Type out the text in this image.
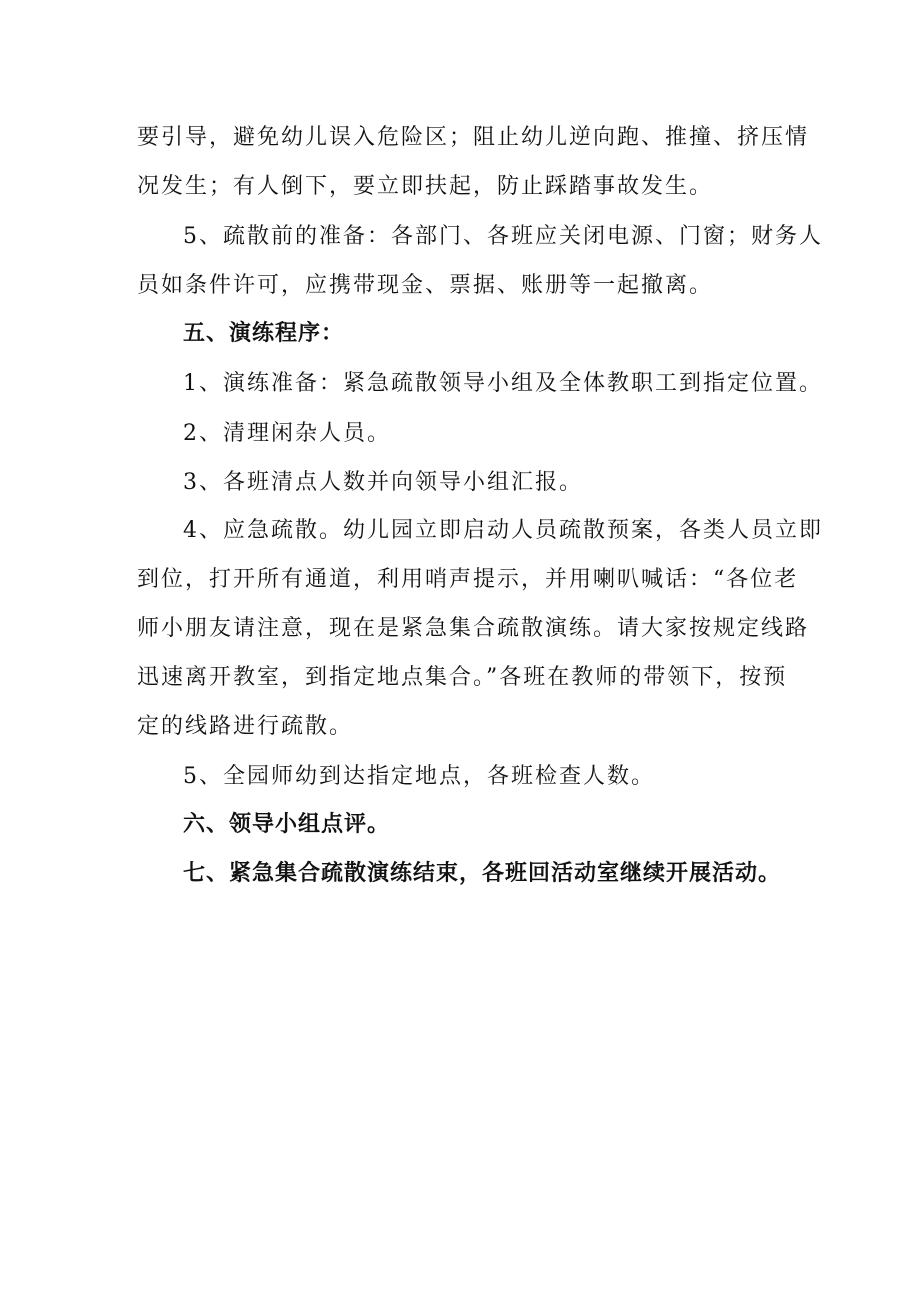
要引导，避免幼儿误入危险区；阻止幼儿逆向跑、推撞、挤压情
况发生；有人倒下，要立即扶起，防止踩踏事故发生。
5、疏散前的准备：各部门、各班应关闭电源、门窗；财务人
员如条件许可，应携带现金、票据、账册等一起撤离。
五、演练程序：
1、演练准备：紧急疏散领导小组及全体教职工到指定位置。
2、清理闲杂人员。
3、各班清点人数并向领导小组汇报。
4、应急疏散。幼儿园立即启动人员疏散预案，各类人员立即
到位，打开所有通道，利用哨声提示，并用喇叭喊话：“各位老
师小朋友请注意，现在是紧急集合疏散演练。请大家按规定线路
迅速离开教室，到指定地点集合。”各班在教师的带领下，按预
定的线路进行疏散。
5、全园师幼到达指定地点，各班检查人数。
六、领导小组点评。
七、紧急集合疏散演练结束，各班回活动室继续开展活动。
